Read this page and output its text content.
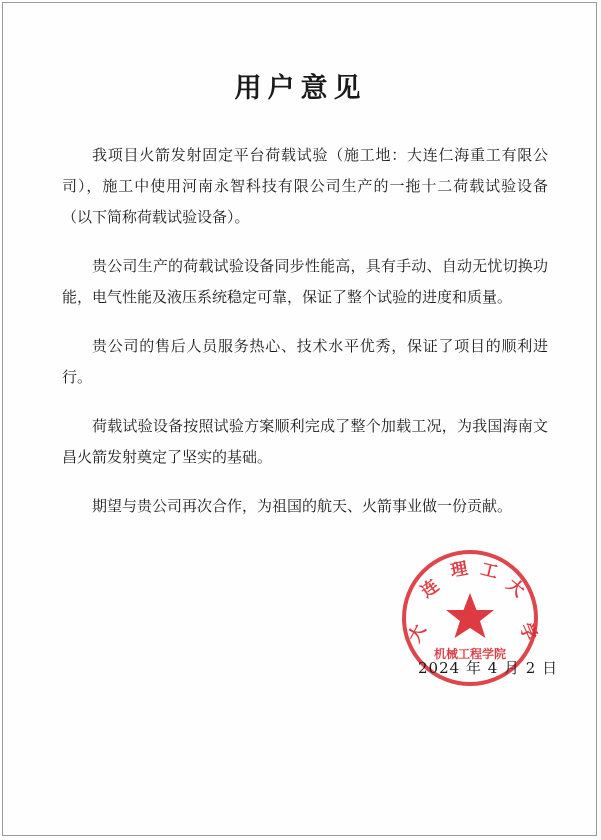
用户意见

我项目火箭发射固定平台荷载试验（施工地：大连仁海重工有限公司），施工中使用河南永智科技有限公司生产的一拖十二荷载试验设备（以下简称荷载试验设备）。

贵公司生产的荷载试验设备同步性能高，具有手动、自动无忧切换功能，电气性能及液压系统稳定可靠，保证了整个试验的进度和质量。

贵公司的售后人员服务热心、技术水平优秀，保证了项目的顺利进行。

荷载试验设备按照试验方案顺利完成了整个加载工况，为我国海南文昌火箭发射奠定了坚实的基础。

期望与贵公司再次合作，为祖国的航天、火箭事业做一份贡献。

大
连
理 工
大
学
机械工程学院
2024 年 4 月 2 日
